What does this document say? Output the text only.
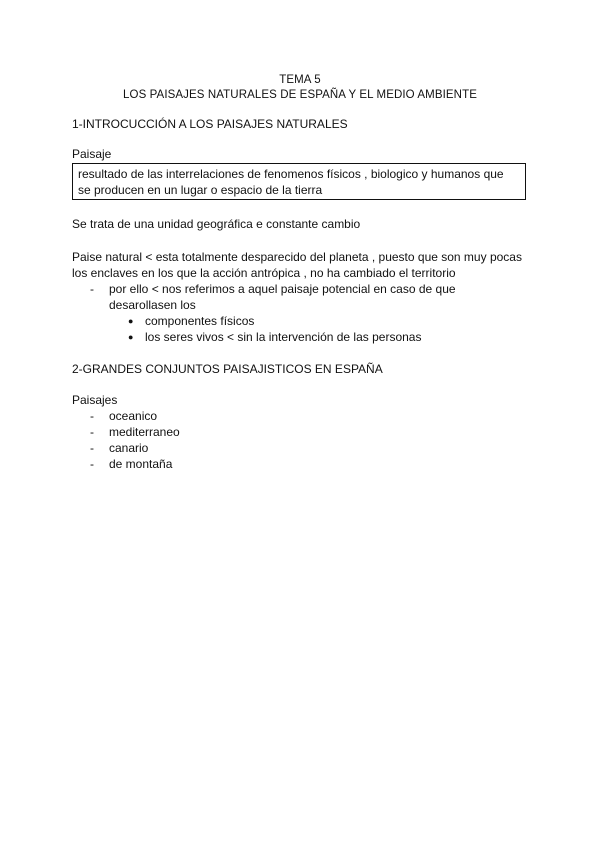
TEMA 5
LOS PAISAJES NATURALES DE ESPAÑA Y EL MEDIO AMBIENTE
1-INTROCUCCIÓN A LOS PAISAJES NATURALES
Paisaje
resultado de las interrelaciones de fenomenos físicos , biologico y humanos que
se producen en un lugar o espacio de la tierra
Se trata de una unidad geográfica e constante cambio
Paise natural < esta totalmente desparecido del planeta , puesto que son muy pocas
los enclaves en los que la acción antrópica , no ha cambiado el territorio
- por ello < nos referimos a aquel paisaje potencial en caso de que
desarollasen los
● componentes físicos
● los seres vivos < sin la intervención de las personas
2-GRANDES CONJUNTOS PAISAJISTICOS EN ESPAÑA
Paisajes
- oceanico
- mediterraneo
- canario
- de montaña
